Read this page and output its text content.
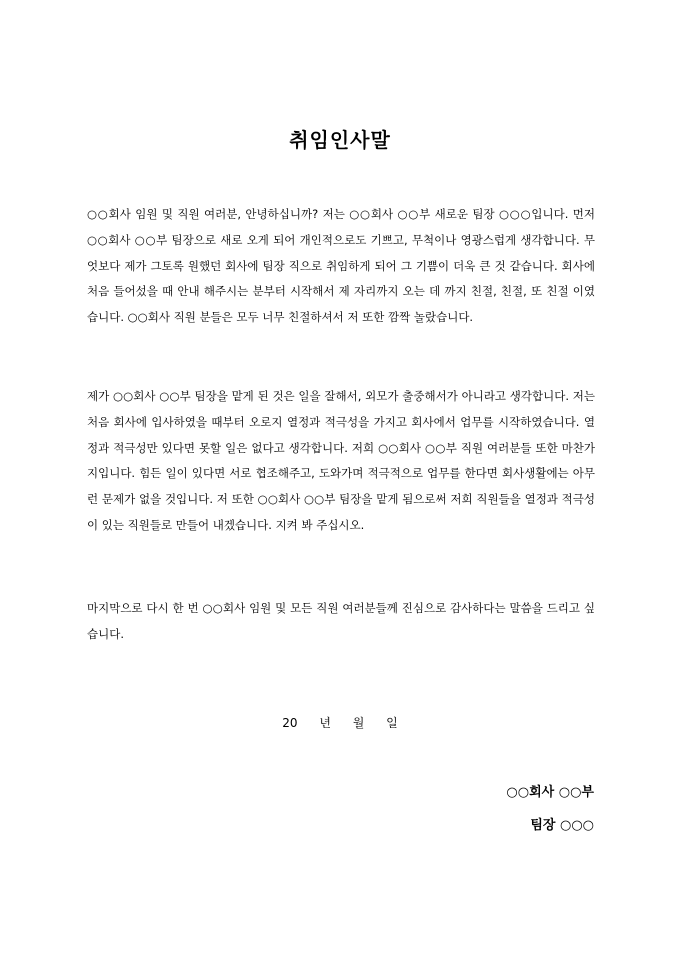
취임인사말

○○회사 임원 및 직원 여러분, 안녕하십니까? 저는 ○○회사 ○○부 새로운 팀장 ○○○입니다. 먼저 ○○회사 ○○부 팀장으로 새로 오게 되어 개인적으로도 기쁘고, 무척이나 영광스럽게 생각합니다. 무엇보다 제가 그토록 원했던 회사에 팀장 직으로 취임하게 되어 그 기쁨이 더욱 큰 것 같습니다. 회사에 처음 들어섰을 때 안내 해주시는 분부터 시작해서 제 자리까지 오는 데 까지 친절, 친절, 또 친절 이였습니다. ○○회사 직원 분들은 모두 너무 친절하셔서 저 또한 깜짝 놀랐습니다.

제가 ○○회사 ○○부 팀장을 맡게 된 것은 일을 잘해서, 외모가 출중해서가 아니라고 생각합니다. 저는 처음 회사에 입사하였을 때부터 오로지 열정과 적극성을 가지고 회사에서 업무를 시작하였습니다. 열정과 적극성만 있다면 못할 일은 없다고 생각합니다. 저희 ○○회사 ○○부 직원 여러분들 또한 마찬가지입니다. 힘든 일이 있다면 서로 협조해주고, 도와가며 적극적으로 업무를 한다면 회사생활에는 아무런 문제가 없을 것입니다. 저 또한 ○○회사 ○○부 팀장을 맡게 됨으로써 저희 직원들을 열정과 적극성이 있는 직원들로 만들어 내겠습니다. 지켜 봐 주십시오.

마지막으로 다시 한 번 ○○회사 임원 및 모든 직원 여러분들께 진심으로 감사하다는 말씀을 드리고 싶습니다.

20 년 월 일
○○회사 ○○부
팀장 ○○○
